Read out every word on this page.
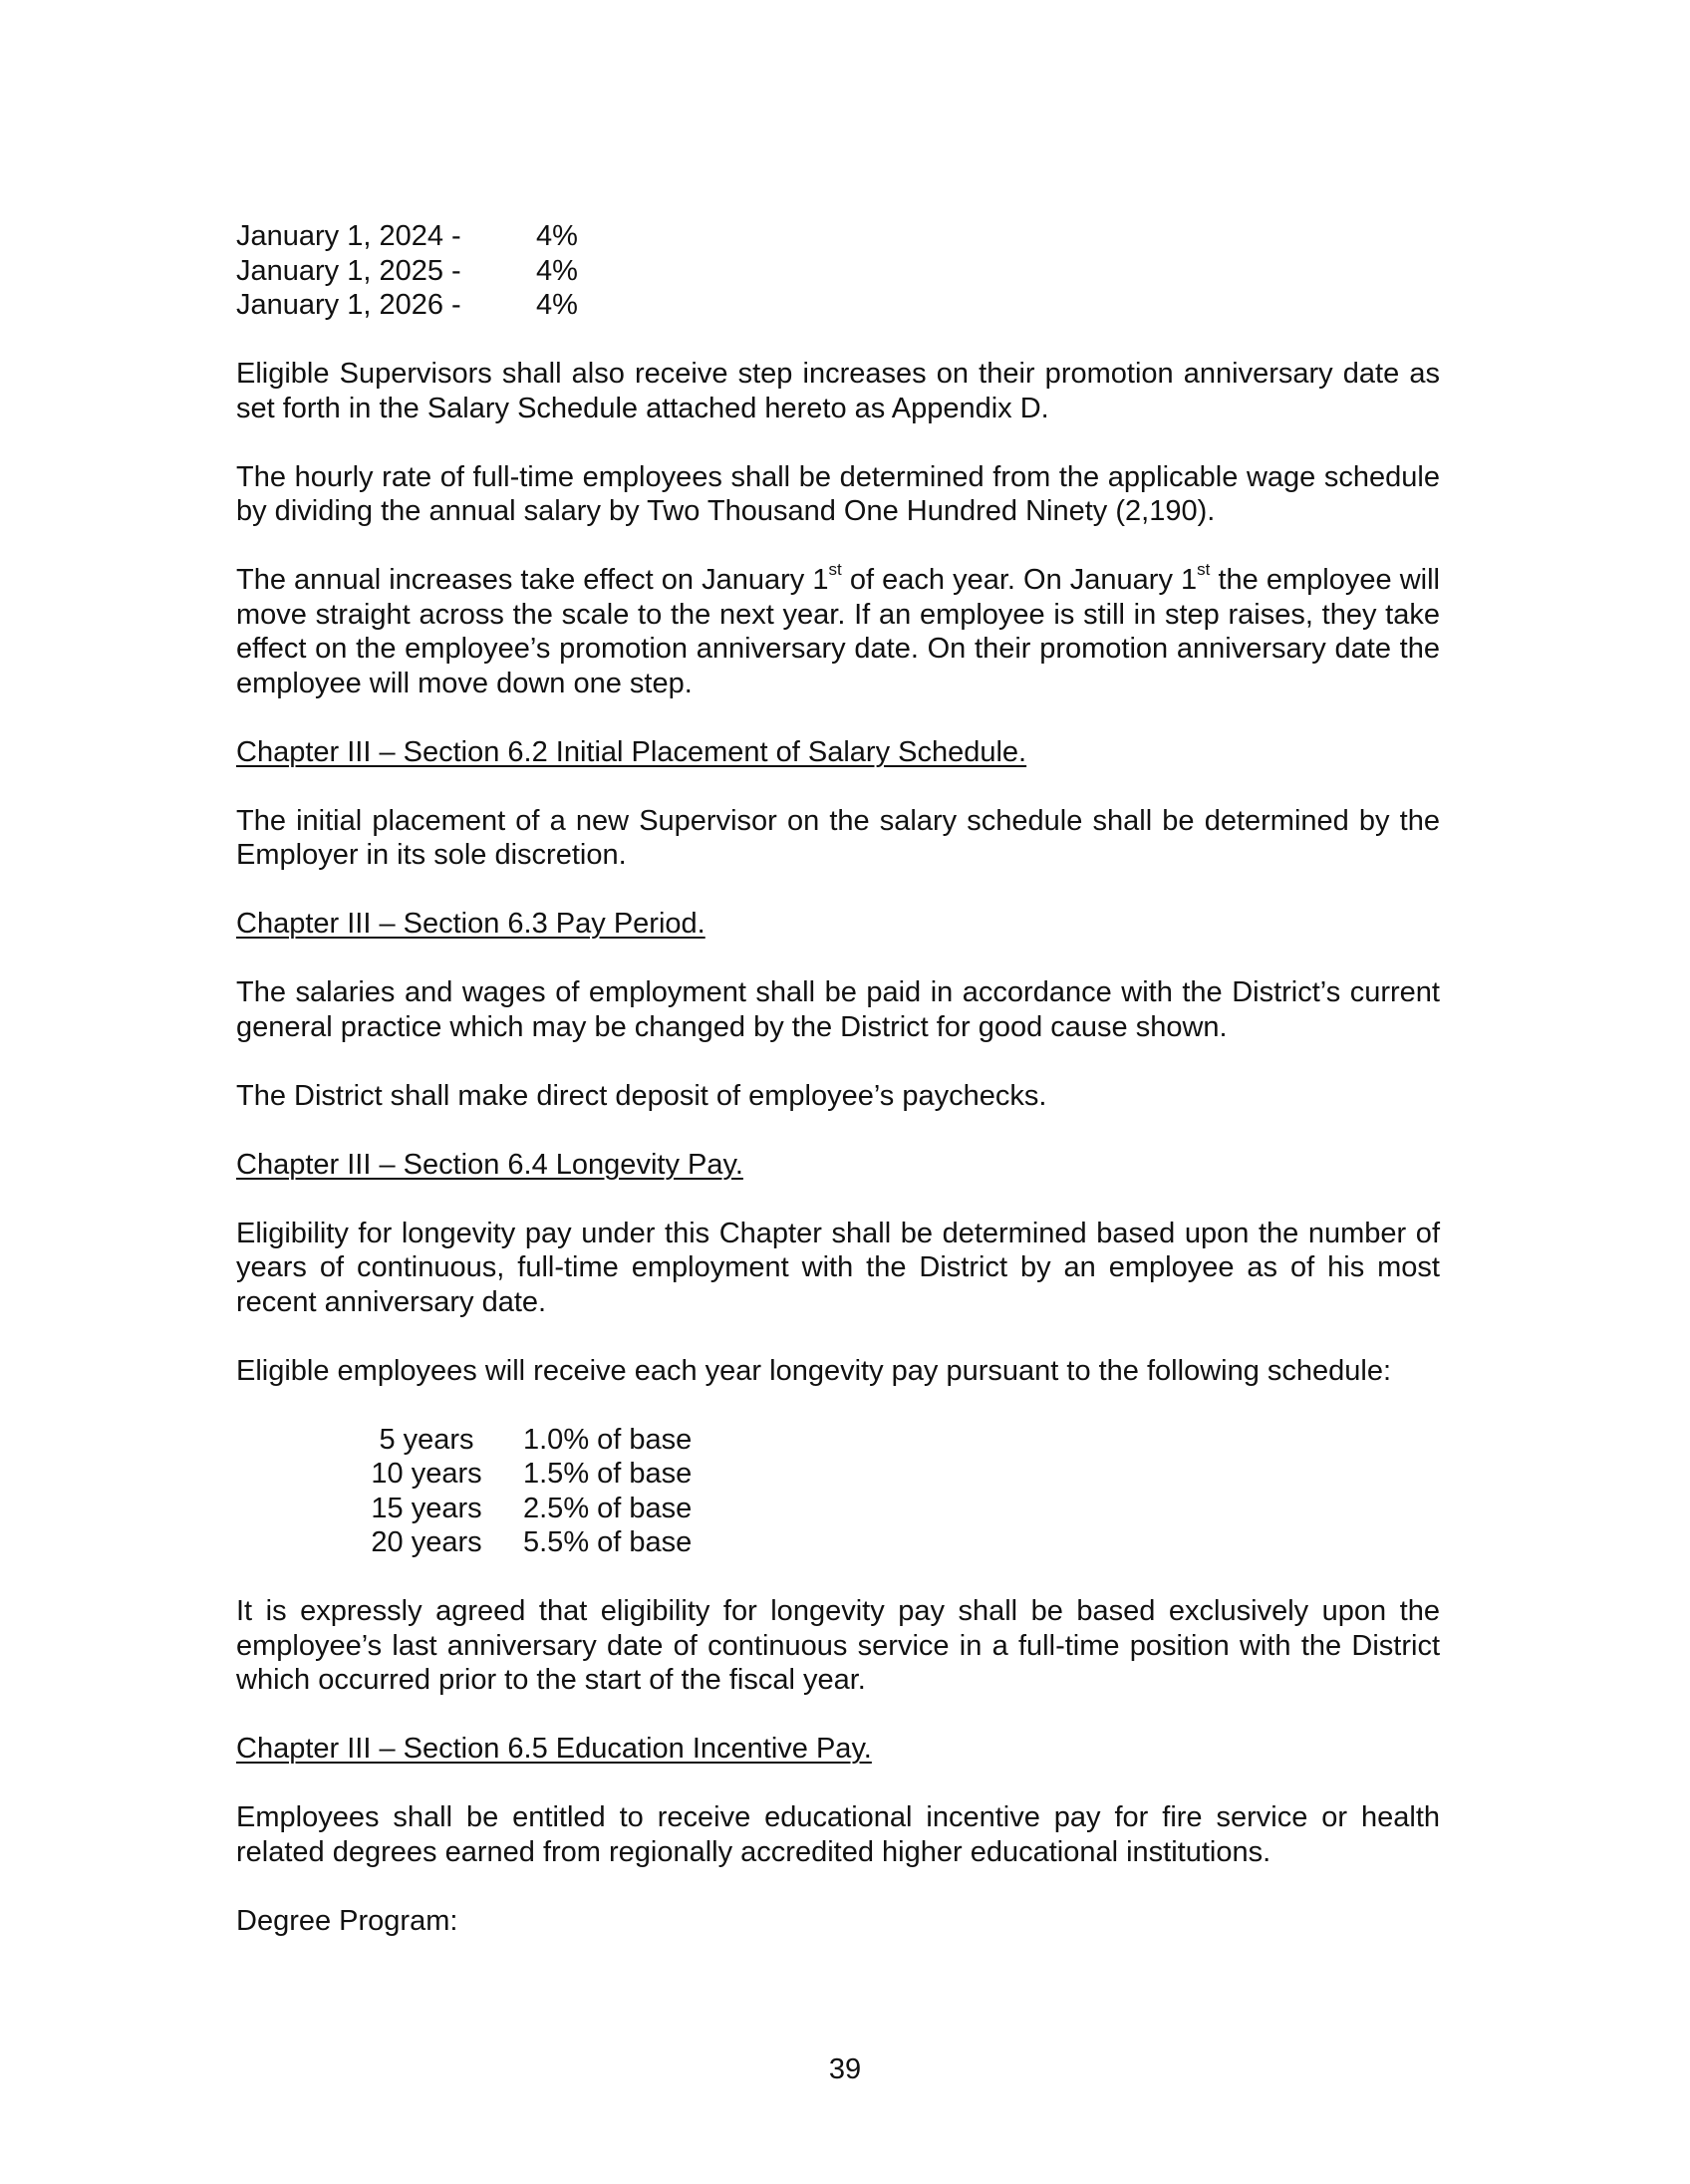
January 1, 2024 -	4%
January 1, 2025 -	4%
January 1, 2026 -	4%

Eligible Supervisors shall also receive step increases on their promotion anniversary date as set forth in the Salary Schedule attached hereto as Appendix D.

The hourly rate of full-time employees shall be determined from the applicable wage schedule by dividing the annual salary by Two Thousand One Hundred Ninety (2,190).

The annual increases take effect on January 1st of each year. On January 1st the employee will move straight across the scale to the next year. If an employee is still in step raises, they take effect on the employee’s promotion anniversary date. On their promotion anniversary date the employee will move down one step.

Chapter III – Section 6.2 Initial Placement of Salary Schedule.

The initial placement of a new Supervisor on the salary schedule shall be determined by the Employer in its sole discretion.

Chapter III – Section 6.3 Pay Period.

The salaries and wages of employment shall be paid in accordance with the District’s current general practice which may be changed by the District for good cause shown.

The District shall make direct deposit of employee’s paychecks.

Chapter III – Section 6.4 Longevity Pay.

Eligibility for longevity pay under this Chapter shall be determined based upon the number of years of continuous, full-time employment with the District by an employee as of his most recent anniversary date.

Eligible employees will receive each year longevity pay pursuant to the following schedule:

5 years	1.0% of base
10 years	1.5% of base
15 years	2.5% of base
20 years	5.5% of base

It is expressly agreed that eligibility for longevity pay shall be based exclusively upon the employee’s last anniversary date of continuous service in a full-time position with the District which occurred prior to the start of the fiscal year.

Chapter III – Section 6.5 Education Incentive Pay.

Employees shall be entitled to receive educational incentive pay for fire service or health related degrees earned from regionally accredited higher educational institutions.

Degree Program:

39
